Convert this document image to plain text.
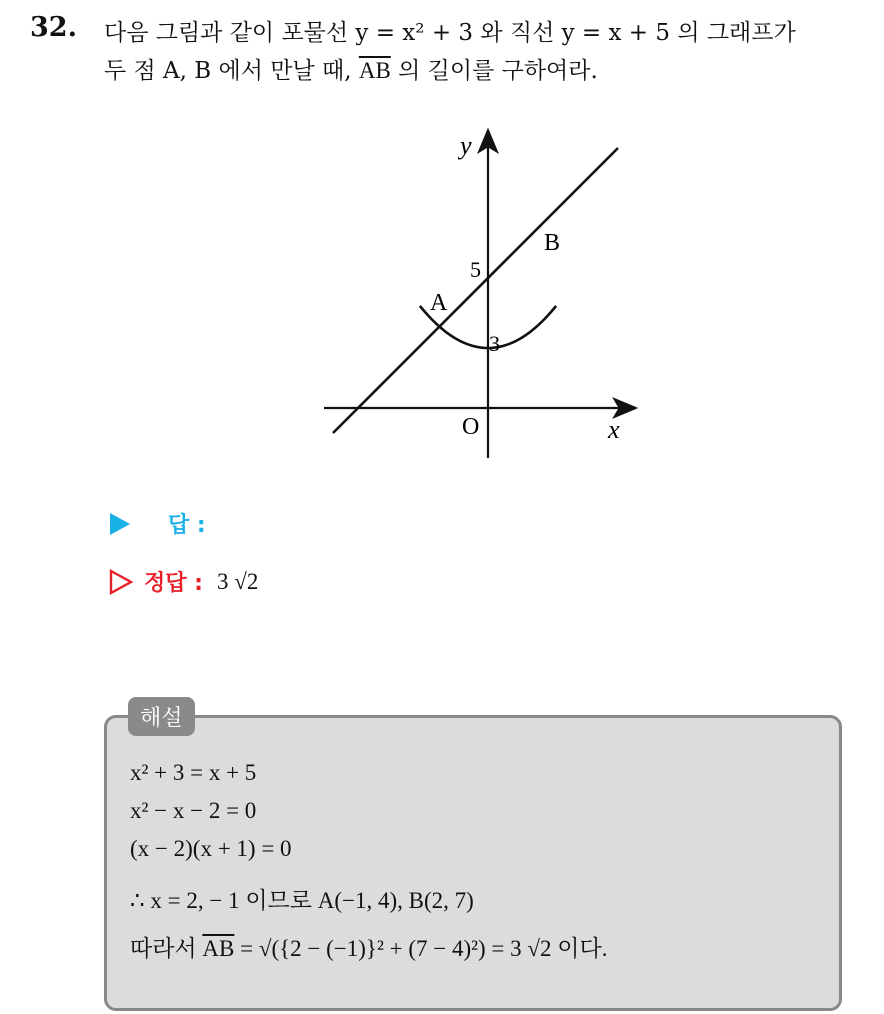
32. 다음 그림과 같이 포물선 y = x² + 3 와 직선 y = x + 5 의 그래프가
두 점 A, B 에서 만날 때, $\overline{AB}$ 의 길이를 구하여라.
y
x
O
A
B
5
3
답 :
정답 : 3 √2
해설
x² + 3 = x + 5
x² − x − 2 = 0
(x − 2)(x + 1) = 0
∴ x = 2, − 1 이므로 A(−1, 4), B(2, 7)
따라서 $\overline{AB} = √(\{2 - (-1)\}^2 + (7 - 4)^2) = 3$ √2 이다.
